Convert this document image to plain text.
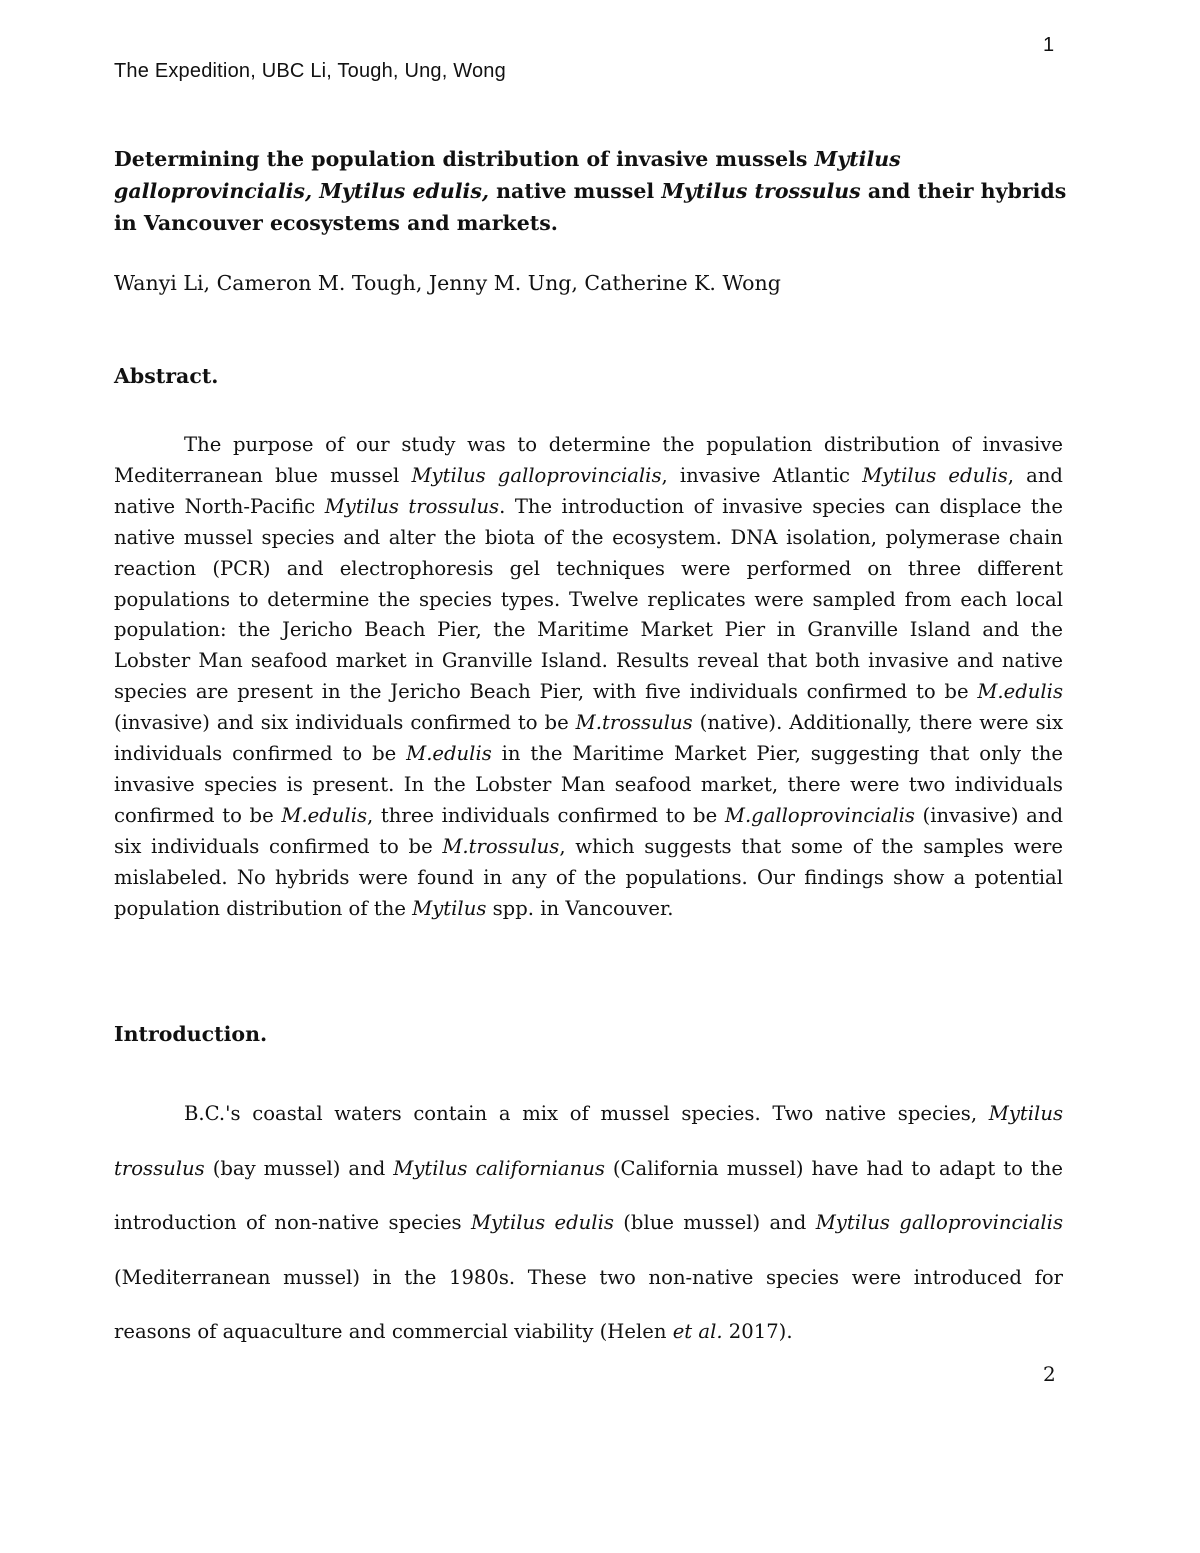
1
The Expedition, UBC Li, Tough, Ung, Wong
Determining the population distribution of invasive mussels Mytilus galloprovincialis, Mytilus edulis, native mussel Mytilus trossulus and their hybrids in Vancouver ecosystems and markets.
Wanyi Li, Cameron M. Tough, Jenny M. Ung, Catherine K. Wong
Abstract.
The purpose of our study was to determine the population distribution of invasive Mediterranean blue mussel Mytilus galloprovincialis, invasive Atlantic Mytilus edulis, and native North-Pacific Mytilus trossulus. The introduction of invasive species can displace the native mussel species and alter the biota of the ecosystem. DNA isolation, polymerase chain reaction (PCR) and electrophoresis gel techniques were performed on three different populations to determine the species types. Twelve replicates were sampled from each local population: the Jericho Beach Pier, the Maritime Market Pier in Granville Island and the Lobster Man seafood market in Granville Island. Results reveal that both invasive and native species are present in the Jericho Beach Pier, with five individuals confirmed to be M.edulis (invasive) and six individuals confirmed to be M.trossulus (native). Additionally, there were six individuals confirmed to be M.edulis in the Maritime Market Pier, suggesting that only the invasive species is present. In the Lobster Man seafood market, there were two individuals confirmed to be M.edulis, three individuals confirmed to be M.galloprovincialis (invasive) and six individuals confirmed to be M.trossulus, which suggests that some of the samples were mislabeled. No hybrids were found in any of the populations. Our findings show a potential population distribution of the Mytilus spp. in Vancouver.
Introduction.
B.C.'s coastal waters contain a mix of mussel species. Two native species, Mytilus trossulus (bay mussel) and Mytilus californianus (California mussel) have had to adapt to the introduction of non-native species Mytilus edulis (blue mussel) and Mytilus galloprovincialis (Mediterranean mussel) in the 1980s. These two non-native species were introduced for reasons of aquaculture and commercial viability (Helen et al. 2017).
2
